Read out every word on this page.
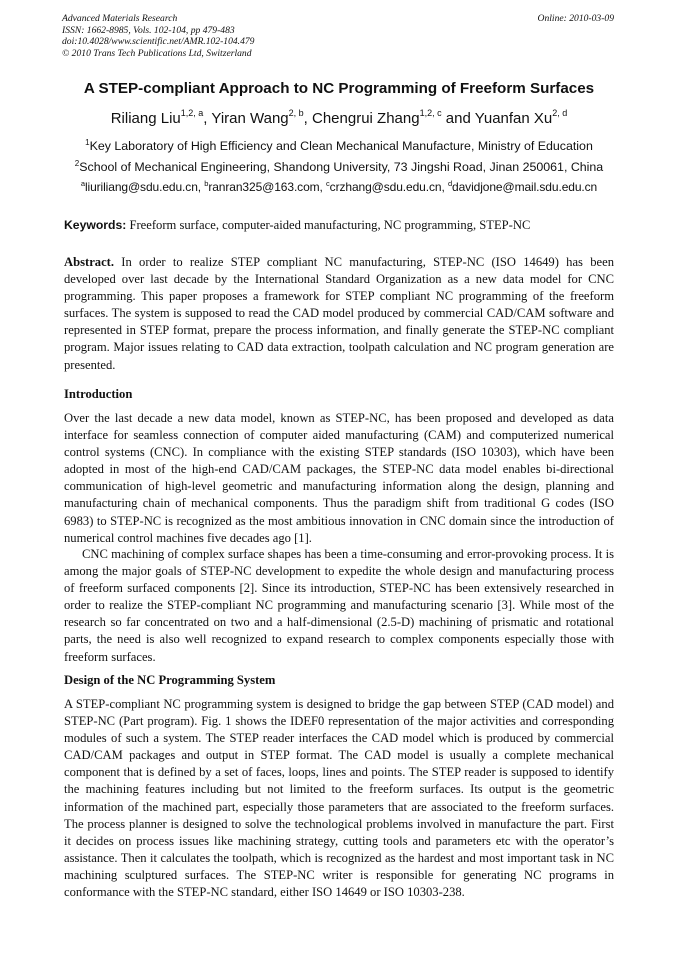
Advanced Materials Research
ISSN: 1662-8985, Vols. 102-104, pp 479-483
doi:10.4028/www.scientific.net/AMR.102-104.479
© 2010 Trans Tech Publications Ltd, Switzerland
Online: 2010-03-09
A STEP-compliant Approach to NC Programming of Freeform Surfaces
Riliang Liu$^{1,2, a}$, Yiran Wang$^{2, b}$, Chengrui Zhang$^{1,2, c}$ and Yuanfan Xu$^{2, d}$
$^1$Key Laboratory of High Efficiency and Clean Mechanical Manufacture, Ministry of Education
$^2$School of Mechanical Engineering, Shandong University, 73 Jingshi Road, Jinan 250061, China
$^a$liuriliang@sdu.edu.cn, $^b$ranran325@163.com, $^c$crzhang@sdu.edu.cn, $^d$davidjone@mail.sdu.edu.cn
Keywords: Freeform surface, computer-aided manufacturing, NC programming, STEP-NC

Abstract. In order to realize STEP compliant NC manufacturing, STEP-NC (ISO 14649) has been developed over last decade by the International Standard Organization as a new data model for CNC programming. This paper proposes a framework for STEP compliant NC programming of the freeform surfaces. The system is supposed to read the CAD model produced by commercial CAD/CAM software and represented in STEP format, prepare the process information, and finally generate the STEP-NC compliant program. Major issues relating to CAD data extraction, toolpath calculation and NC program generation are presented.

Introduction

Over the last decade a new data model, known as STEP-NC, has been proposed and developed as data interface for seamless connection of computer aided manufacturing (CAM) and computerized numerical control systems (CNC). In compliance with the existing STEP standards (ISO 10303), which have been adopted in most of the high-end CAD/CAM packages, the STEP-NC data model enables bi-directional communication of high-level geometric and manufacturing information along the design, planning and manufacturing chain of mechanical components. Thus the paradigm shift from traditional G codes (ISO 6983) to STEP-NC is recognized as the most ambitious innovation in CNC domain since the introduction of numerical control machines five decades ago [1].

CNC machining of complex surface shapes has been a time-consuming and error-provoking process. It is among the major goals of STEP-NC development to expedite the whole design and manufacturing process of freeform surfaced components [2]. Since its introduction, STEP-NC has been extensively researched in order to realize the STEP-compliant NC programming and manufacturing scenario [3]. While most of the research so far concentrated on two and a half-dimensional (2.5-D) machining of prismatic and rotational parts, the need is also well recognized to expand research to complex components especially those with freeform surfaces.

Design of the NC Programming System

A STEP-compliant NC programming system is designed to bridge the gap between STEP (CAD model) and STEP-NC (Part program). Fig. 1 shows the IDEF0 representation of the major activities and corresponding modules of such a system. The STEP reader interfaces the CAD model which is produced by commercial CAD/CAM packages and output in STEP format. The CAD model is usually a complete mechanical component that is defined by a set of faces, loops, lines and points. The STEP reader is supposed to identify the machining features including but not limited to the freeform surfaces. Its output is the geometric information of the machined part, especially those parameters that are associated to the freeform surfaces. The process planner is designed to solve the technological problems involved in manufacture the part. First it decides on process issues like machining strategy, cutting tools and parameters etc with the operator’s assistance. Then it calculates the toolpath, which is recognized as the hardest and most important task in NC machining sculptured surfaces. The STEP-NC writer is responsible for generating NC programs in conformance with the STEP-NC standard, either ISO 14649 or ISO 10303-238.
